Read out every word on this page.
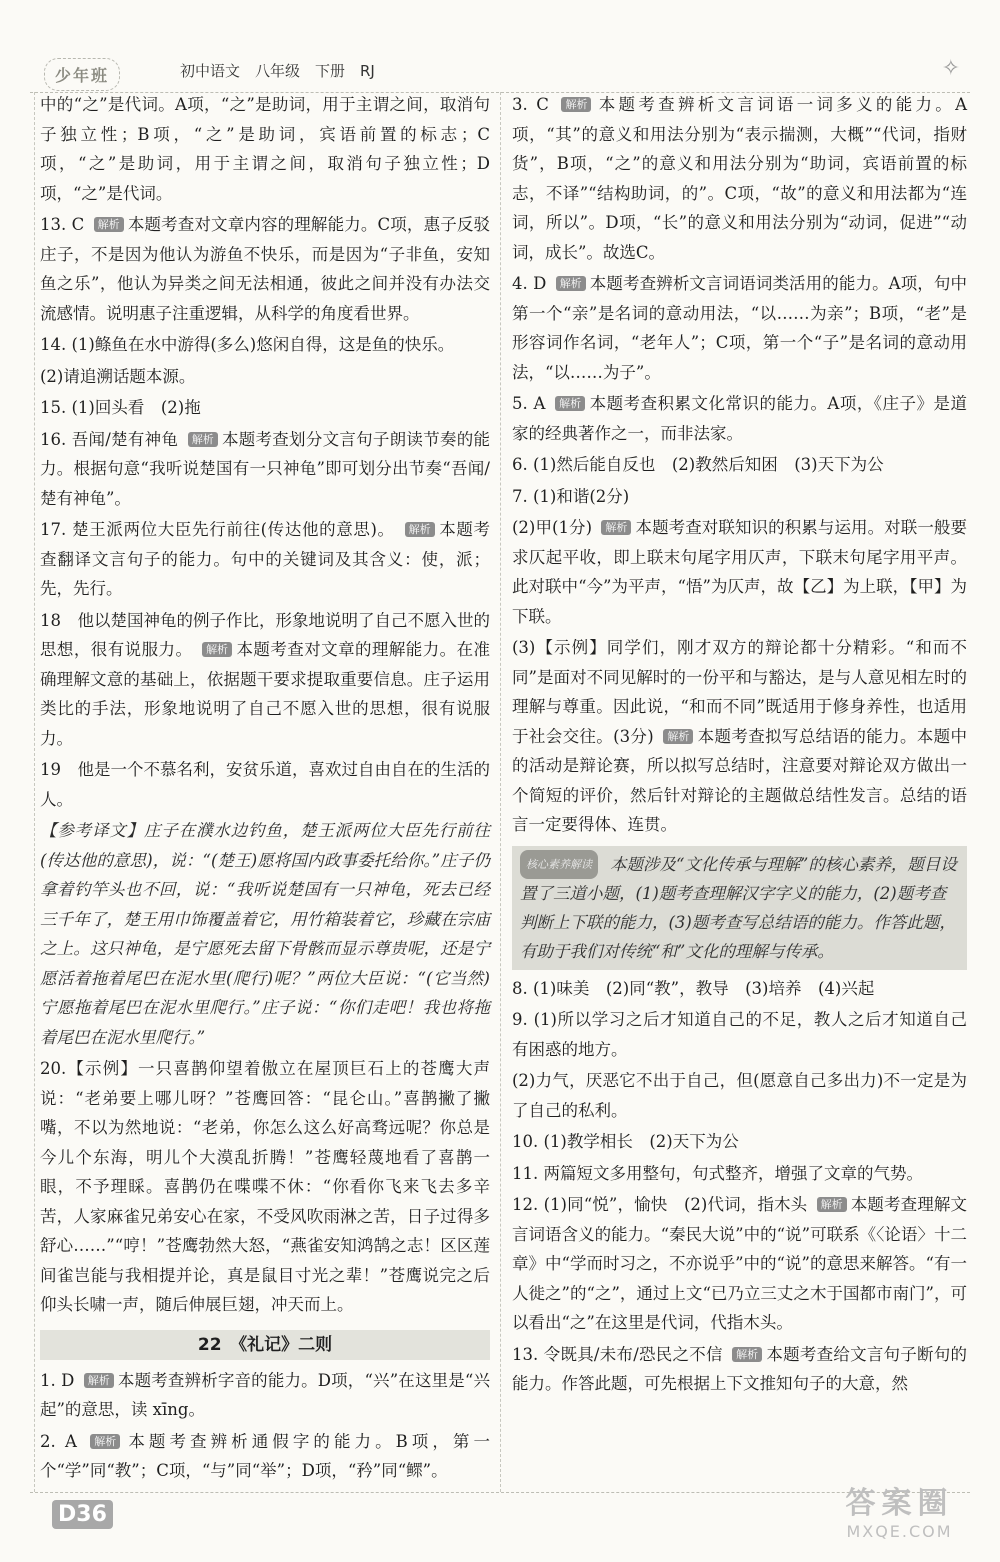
少年班	初中语文　八年级　下册　RJ	✧

中的“之”是代词。A项，“之”是助词，用于主谓之间，取消句子独立性；B项，“之”是助词，宾语前置的标志；C项，“之”是助词，用于主谓之间，取消句子独立性；D项，“之”是代词。

13. C 解析 本题考查对文章内容的理解能力。C项，惠子反驳庄子，不是因为他认为游鱼不快乐，而是因为“子非鱼，安知鱼之乐”，他认为异类之间无法相通，彼此之间并没有办法交流感情。说明惠子注重逻辑，从科学的角度看世界。

14. (1)鲦鱼在水中游得(多么)悠闲自得，这是鱼的快乐。

(2)请追溯话题本源。

15. (1)回头看　(2)拖

16. 吾闻/楚有神龟 解析 本题考查划分文言句子朗读节奏的能力。根据句意“我听说楚国有一只神龟”即可划分出节奏“吾闻/楚有神龟”。

17. 楚王派两位大臣先行前往(传达他的意思)。 解析 本题考查翻译文言句子的能力。句中的关键词及其含义：使，派；先，先行。

18　他以楚国神龟的例子作比，形象地说明了自己不愿入世的思想，很有说服力。 解析 本题考查对文章的理解能力。在准确理解文意的基础上，依据题干要求提取重要信息。庄子运用类比的手法，形象地说明了自己不愿入世的思想，很有说服力。

19　他是一个不慕名利，安贫乐道，喜欢过自由自在的生活的人。

【参考译文】庄子在濮水边钓鱼，楚王派两位大臣先行前往(传达他的意思)，说：“(楚王)愿将国内政事委托给你。”庄子仍拿着钓竿头也不回，说：“我听说楚国有一只神龟，死去已经三千年了，楚王用巾饰覆盖着它，用竹箱装着它，珍藏在宗庙之上。这只神龟，是宁愿死去留下骨骸而显示尊贵呢，还是宁愿活着拖着尾巴在泥水里(爬行)呢？”两位大臣说：“(它当然)宁愿拖着尾巴在泥水里爬行。”庄子说：“你们走吧！我也将拖着尾巴在泥水里爬行。”

20.【示例】一只喜鹊仰望着傲立在屋顶巨石上的苍鹰大声说：“老弟要上哪儿呀？”苍鹰回答：“昆仑山。”喜鹊撇了撇嘴，不以为然地说：“老弟，你怎么这么好高骛远呢？你总是今儿个东海，明儿个大漠乱折腾！”苍鹰轻蔑地看了喜鹊一眼，不予理睬。喜鹊仍在喋喋不休：“你看你飞来飞去多辛苦，人家麻雀兄弟安心在家，不受风吹雨淋之苦，日子过得多舒心……”“哼！”苍鹰勃然大怒，“燕雀安知鸿鹄之志！区区莲间雀岂能与我相提并论，真是鼠目寸光之辈！”苍鹰说完之后仰头长啸一声，随后伸展巨翅，冲天而上。

22　《礼记》二则

1. D 解析 本题考查辨析字音的能力。D项，“兴”在这里是“兴起”的意思，读 xīng。

2. A 解析 本题考查辨析通假字的能力。B项，第一个“学”同“教”；C项，“与”同“举”；D项，“矜”同“鳏”。

3. C 解析 本题考查辨析文言词语一词多义的能力。A项，“其”的意义和用法分别为“表示揣测，大概”“代词，指财货”，B项，“之”的意义和用法分别为“助词，宾语前置的标志，不译”“结构助词，的”。C项，“故”的意义和用法都为“连词，所以”。D项，“长”的意义和用法分别为“动词，促进”“动词，成长”。故选C。

4. D 解析 本题考查辨析文言词语词类活用的能力。A项，句中第一个“亲”是名词的意动用法，“以……为亲”；B项，“老”是形容词作名词，“老年人”；C项，第一个“子”是名词的意动用法，“以……为子”。

5. A 解析 本题考查积累文化常识的能力。A项，《庄子》是道家的经典著作之一，而非法家。

6. (1)然后能自反也　(2)教然后知困　(3)天下为公

7. (1)和谐(2分)

(2)甲(1分) 解析 本题考查对联知识的积累与运用。对联一般要求仄起平收，即上联末句尾字用仄声，下联末句尾字用平声。此对联中“今”为平声，“悟”为仄声，故【乙】为上联，【甲】为下联。

(3)【示例】同学们，刚才双方的辩论都十分精彩。“和而不同”是面对不同见解时的一份平和与豁达，是与人意见相左时的理解与尊重。因此说，“和而不同”既适用于修身养性，也适用于社会交往。(3分) 解析 本题考查拟写总结语的能力。本题中的活动是辩论赛，所以拟写总结时，注意要对辩论双方做出一个简短的评价，然后针对辩论的主题做总结性发言。总结的语言一定要得体、连贯。

核心素养解读 本题涉及“文化传承与理解”的核心素养，题目设置了三道小题，(1)题考查理解汉字字义的能力，(2)题考查判断上下联的能力，(3)题考查写总结语的能力。作答此题，有助于我们对传统“和”文化的理解与传承。

8. (1)味美　(2)同“教”，教导　(3)培养　(4)兴起

9. (1)所以学习之后才知道自己的不足，教人之后才知道自己有困惑的地方。

(2)力气，厌恶它不出于自己，但(愿意自己多出力)不一定是为了自己的私利。

10. (1)教学相长　(2)天下为公

11. 两篇短文多用整句，句式整齐，增强了文章的气势。

12. (1)同“悦”，愉快　(2)代词，指木头 解析 本题考查理解文言词语含义的能力。“秦民大说”中的“说”可联系《〈论语〉十二章》中“学而时习之，不亦说乎”中的“说”的意思来解答。“有一人徙之”的“之”，通过上文“已乃立三丈之木于国都市南门”，可以看出“之”在这里是代词，代指木头。

13. 令既具/未布/恐民之不信 解析 本题考查给文言句子断句的能力。作答此题，可先根据上下文推知句子的大意，然

D36	答案圈
MXQE.COM
